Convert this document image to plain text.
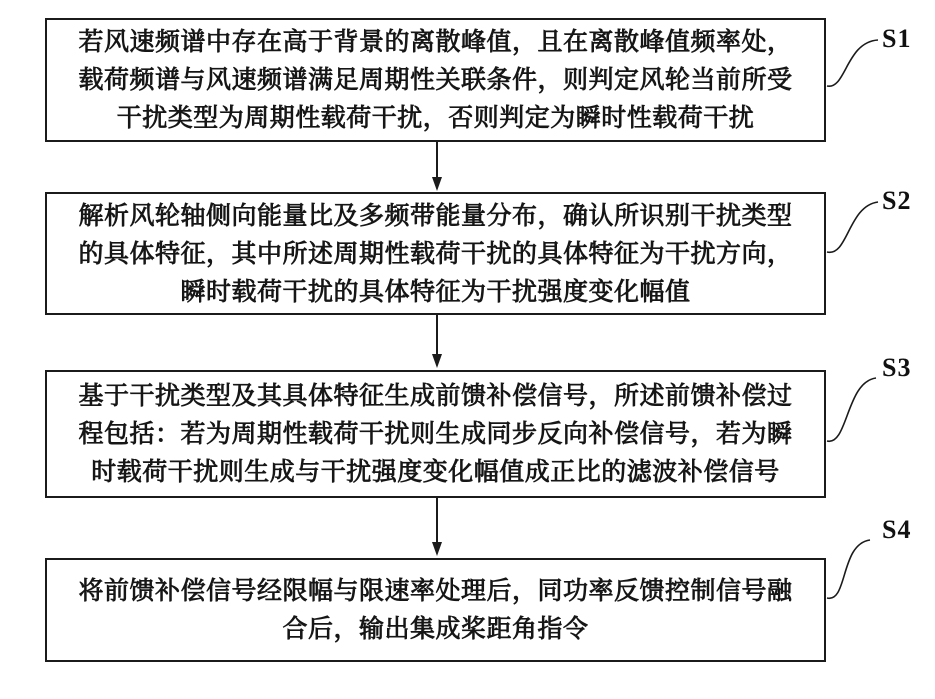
若风速频谱中存在高于背景的离散峰值，且在离散峰值频率处，
载荷频谱与风速频谱满足周期性关联条件，则判定风轮当前所受
干扰类型为周期性载荷干扰，否则判定为瞬时性载荷干扰
解析风轮轴侧向能量比及多频带能量分布，确认所识别干扰类型
的具体特征，其中所述周期性载荷干扰的具体特征为干扰方向，
瞬时载荷干扰的具体特征为干扰强度变化幅值
基于干扰类型及其具体特征生成前馈补偿信号，所述前馈补偿过
程包括：若为周期性载荷干扰则生成同步反向补偿信号，若为瞬
时载荷干扰则生成与干扰强度变化幅值成正比的滤波补偿信号
将前馈补偿信号经限幅与限速率处理后，同功率反馈控制信号融
合后，输出集成桨距角指令
S1
S2
S3
S4
